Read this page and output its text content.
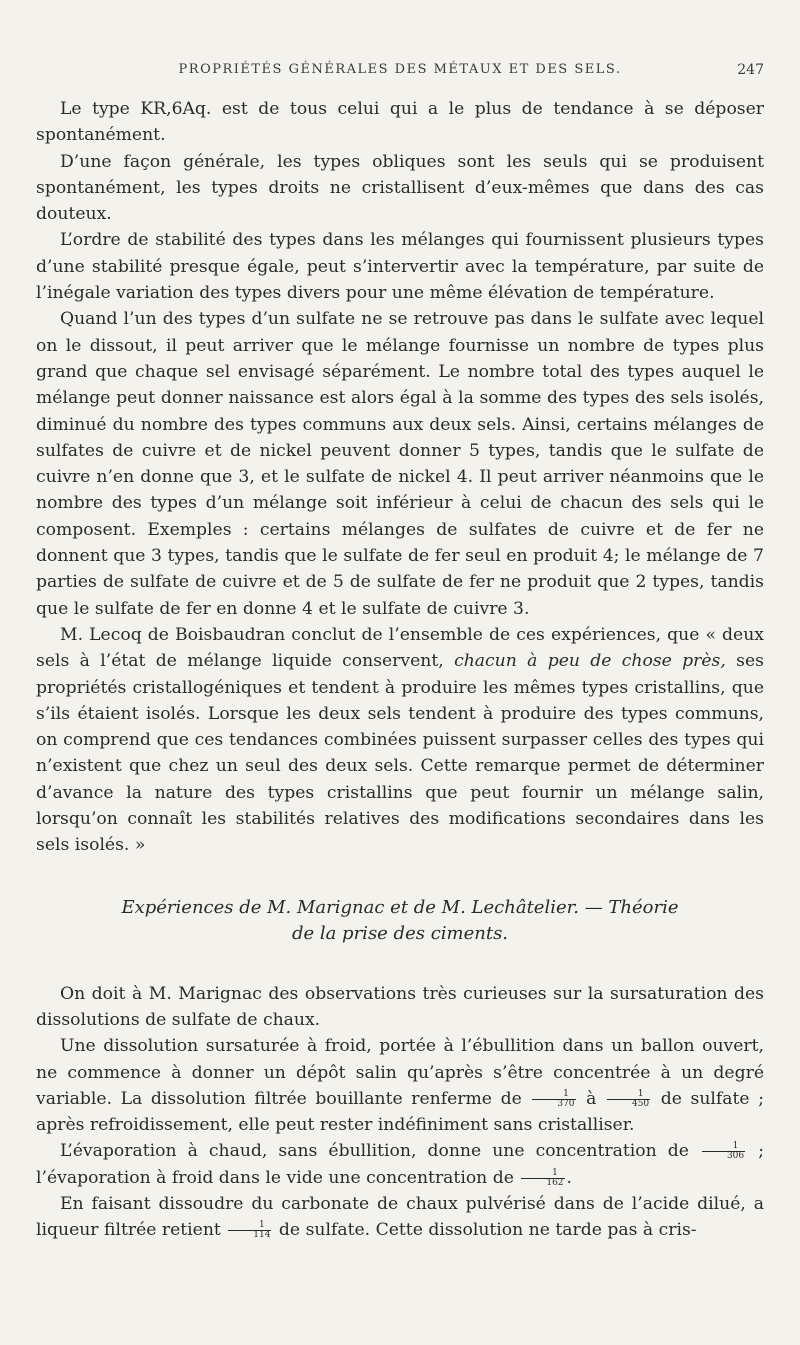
PROPRIÉTÉS GÉNÉRALES DES MÉTAUX ET DES SELS.	247

Le type KR,6Aq. est de tous celui qui a le plus de tendance à se déposer spontanément.

D’une façon générale, les types obliques sont les seuls qui se produisent spontanément, les types droits ne cristallisent d’eux-mêmes que dans des cas douteux.

L’ordre de stabilité des types dans les mélanges qui fournissent plusieurs types d’une stabilité presque égale, peut s’intervertir avec la température, par suite de l’inégale variation des types divers pour une même élévation de température.

Quand l’un des types d’un sulfate ne se retrouve pas dans le sulfate avec lequel on le dissout, il peut arriver que le mélange fournisse un nombre de types plus grand que chaque sel envisagé séparément. Le nombre total des types auquel le mélange peut donner naissance est alors égal à la somme des types des sels isolés, diminué du nombre des types communs aux deux sels. Ainsi, certains mélanges de sulfates de cuivre et de nickel peuvent donner 5 types, tandis que le sulfate de cuivre n’en donne que 3, et le sulfate de nickel 4. Il peut arriver néanmoins que le nombre des types d’un mélange soit inférieur à celui de chacun des sels qui le composent. Exemples : certains mélanges de sulfates de cuivre et de fer ne donnent que 3 types, tandis que le sulfate de fer seul en produit 4; le mélange de 7 parties de sulfate de cuivre et de 5 de sulfate de fer ne produit que 2 types, tandis que le sulfate de fer en donne 4 et le sulfate de cuivre 3.

M. Lecoq de Boisbaudran conclut de l’ensemble de ces expériences, que « deux sels à l’état de mélange liquide conservent, chacun à peu de chose près, ses propriétés cristallogéniques et tendent à produire les mêmes types cristallins, que s’ils étaient isolés. Lorsque les deux sels tendent à produire des types communs, on comprend que ces tendances combinées puissent surpasser celles des types qui n’existent que chez un seul des deux sels. Cette remarque permet de déterminer d’avance la nature des types cristallins que peut fournir un mélange salin, lorsqu’on connaît les stabilités relatives des modifications secondaires dans les sels isolés. »

Expériences de M. Marignac et de M. Lechâtelier. — Théorie
de la prise des ciments.

On doit à M. Marignac des observations très curieuses sur la sursaturation des dissolutions de sulfate de chaux.

Une dissolution sursaturée à froid, portée à l’ébullition dans un ballon ouvert, ne commence à donner un dépôt salin qu’après s’être concentrée à un degré variable. La dissolution filtrée bouillante renferme de $\frac{1}{370}$ à $\frac{1}{450}$ de sulfate ; après refroidissement, elle peut rester indéfiniment sans cristalliser.

L’évaporation à chaud, sans ébullition, donne une concentration de $\frac{1}{306}$ ; l’évaporation à froid dans le vide une concentration de $\frac{1}{162}$ .

En faisant dissoudre du carbonate de chaux pulvérisé dans de l’acide dilué, a liqueur filtrée retient $\frac{1}{114}$ de sulfate. Cette dissolution ne tarde pas à cris-
